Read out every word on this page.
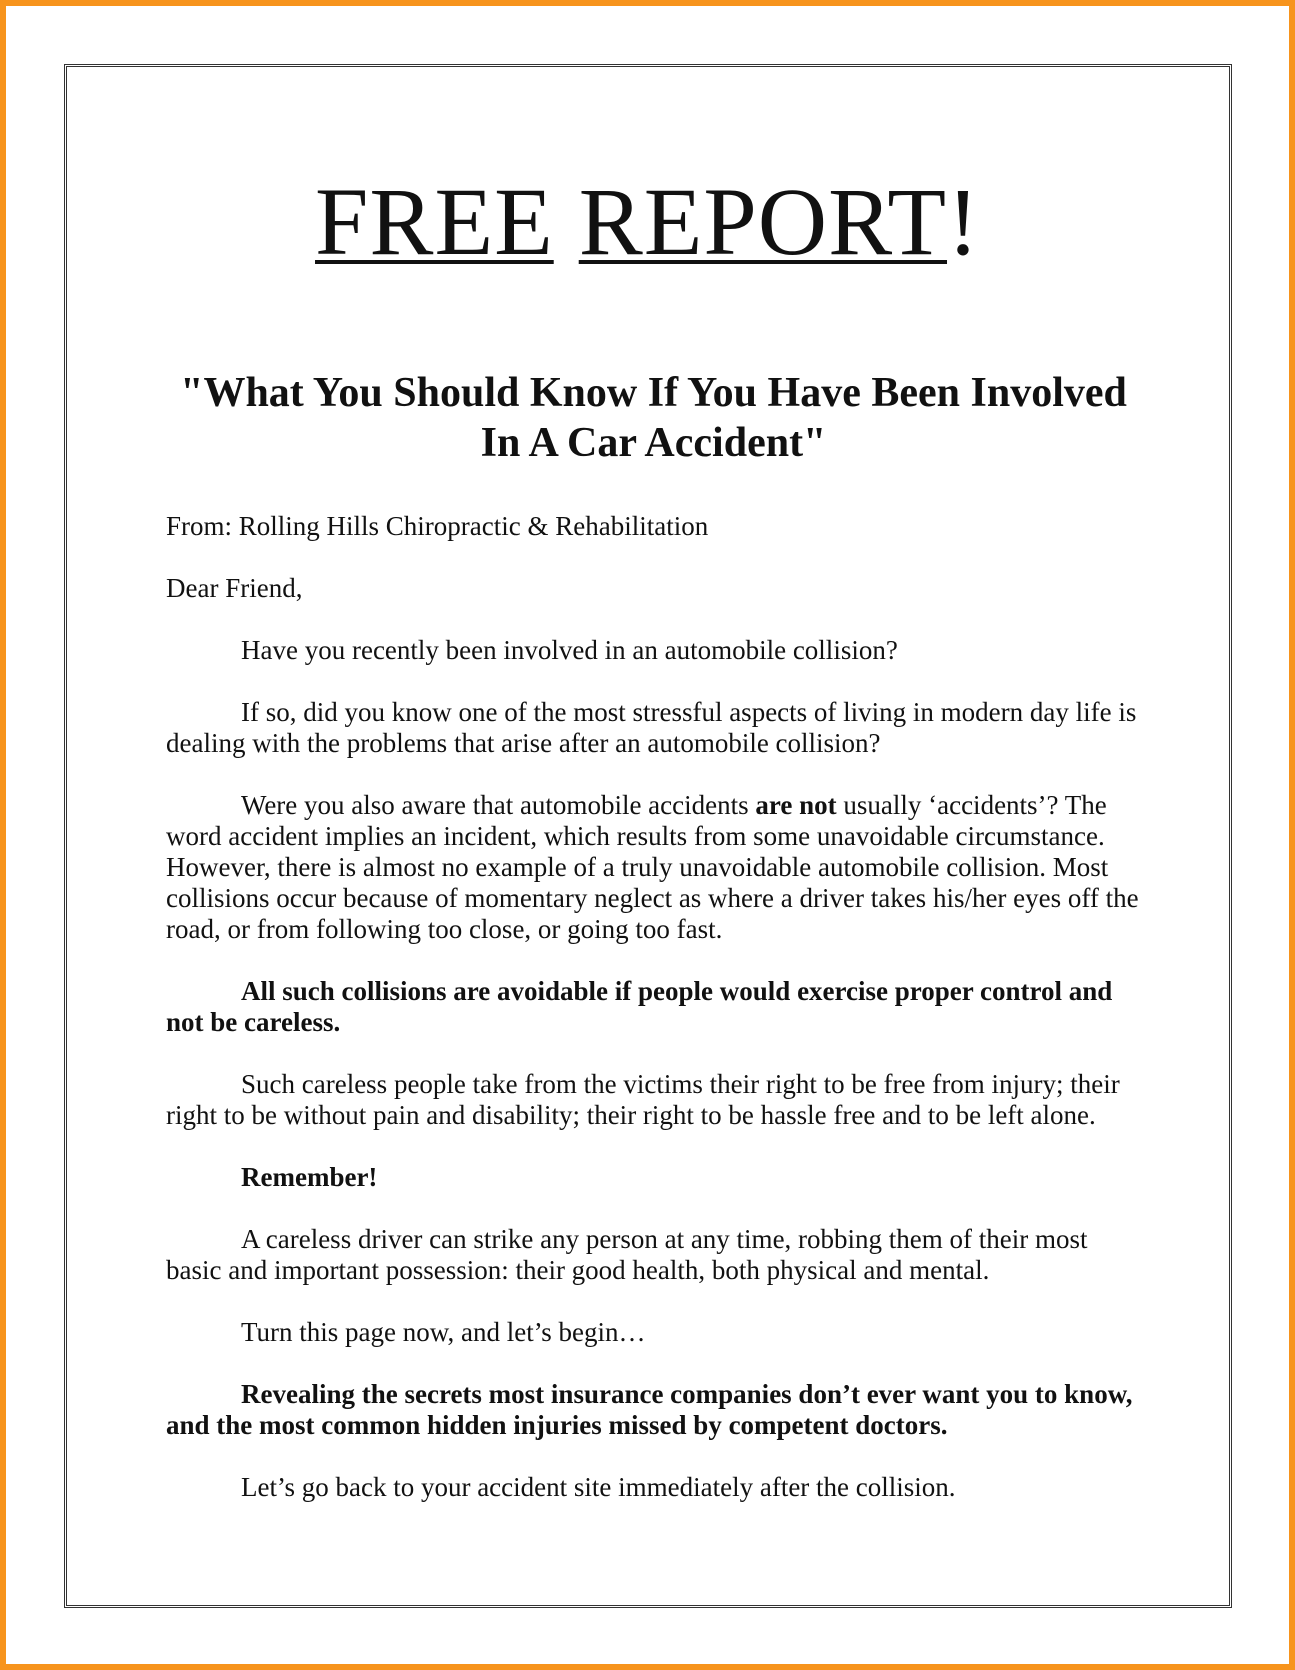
FREE REPORT!
"What You Should Know If You Have Been Involved
In A Car Accident"

From: Rolling Hills Chiropractic & Rehabilitation

Dear Friend,

Have you recently been involved in an automobile collision?

If so, did you know one of the most stressful aspects of living in modern day life is dealing with the problems that arise after an automobile collision?

Were you also aware that automobile accidents are not usually ‘accidents’? The word accident implies an incident, which results from some unavoidable circumstance. However, there is almost no example of a truly unavoidable automobile collision. Most collisions occur because of momentary neglect as where a driver takes his/her eyes off the road, or from following too close, or going too fast.

All such collisions are avoidable if people would exercise proper control and not be careless.

Such careless people take from the victims their right to be free from injury; their right to be without pain and disability; their right to be hassle free and to be left alone.

Remember!

A careless driver can strike any person at any time, robbing them of their most basic and important possession: their good health, both physical and mental.

Turn this page now, and let’s begin…

Revealing the secrets most insurance companies don’t ever want you to know, and the most common hidden injuries missed by competent doctors.

Let’s go back to your accident site immediately after the collision.
